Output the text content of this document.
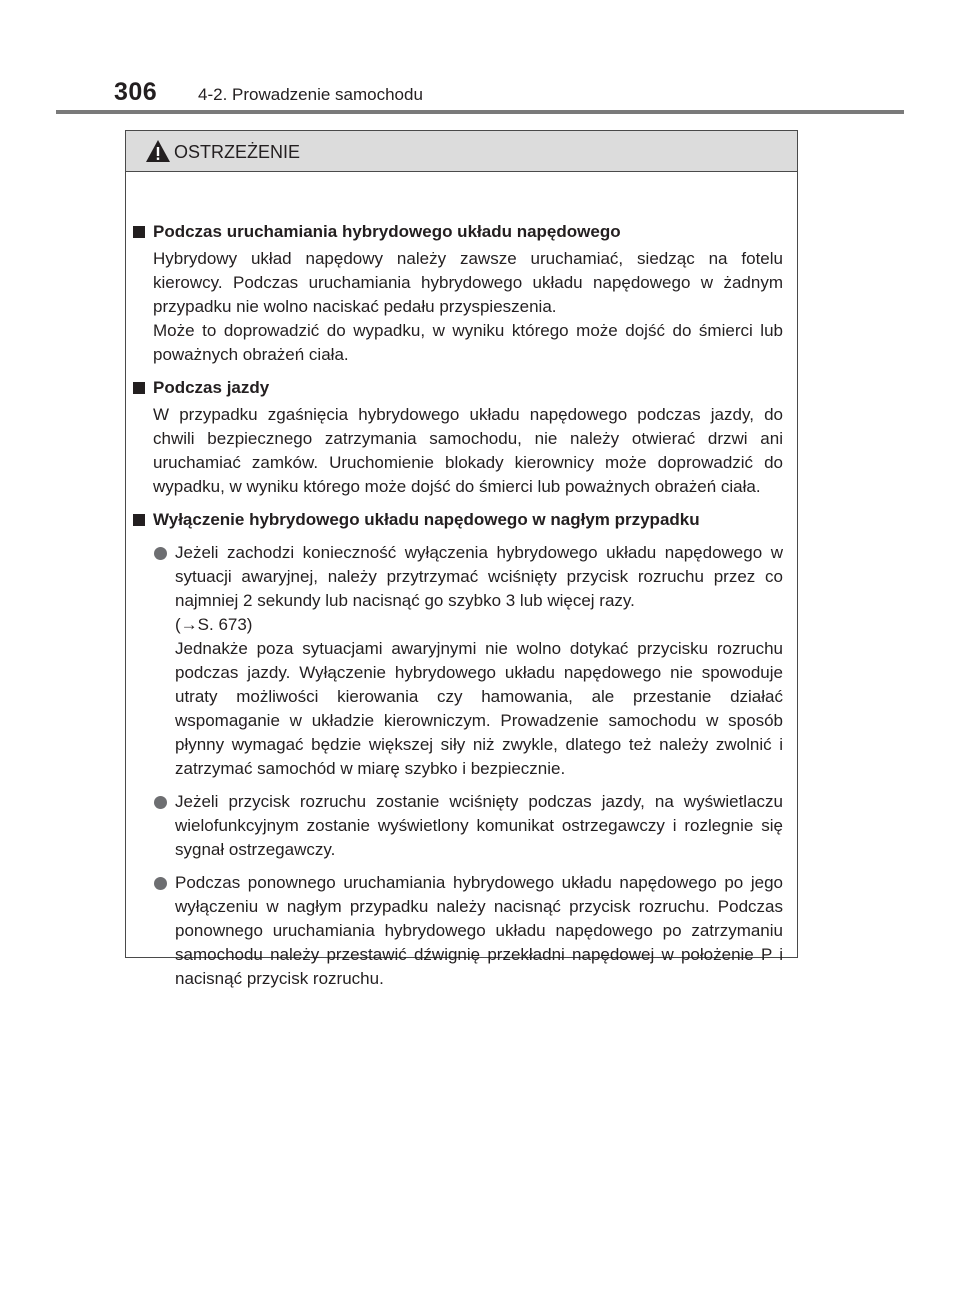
306 4-2. Prowadzenie samochodu
OSTRZEŻENIE
Podczas uruchamiania hybrydowego układu napędowego
Hybrydowy układ napędowy należy zawsze uruchamiać, siedząc na fotelu kierowcy. Podczas uruchamiania hybrydowego układu napędowego w żadnym przypadku nie wolno naciskać pedału przyspieszenia.
Może to doprowadzić do wypadku, w wyniku którego może dojść do śmierci lub poważnych obrażeń ciała.
Podczas jazdy
W przypadku zgaśnięcia hybrydowego układu napędowego podczas jazdy, do chwili bezpiecznego zatrzymania samochodu, nie należy otwierać drzwi ani uruchamiać zamków. Uruchomienie blokady kierownicy może doprowadzić do wypadku, w wyniku którego może dojść do śmierci lub poważnych obrażeń ciała.
Wyłączenie hybrydowego układu napędowego w nagłym przypadku
Jeżeli zachodzi konieczność wyłączenia hybrydowego układu napędowego w sytuacji awaryjnej, należy przytrzymać wciśnięty przycisk rozruchu przez co najmniej 2 sekundy lub nacisnąć go szybko 3 lub więcej razy.
(→S. 673)
Jednakże poza sytuacjami awaryjnymi nie wolno dotykać przycisku rozruchu podczas jazdy. Wyłączenie hybrydowego układu napędowego nie spowoduje utraty możliwości kierowania czy hamowania, ale przestanie działać wspomaganie w układzie kierowniczym. Prowadzenie samochodu w sposób płynny wymagać będzie większej siły niż zwykle, dlatego też należy zwolnić i zatrzymać samochód w miarę szybko i bezpiecznie.
Jeżeli przycisk rozruchu zostanie wciśnięty podczas jazdy, na wyświetlaczu wielofunkcyjnym zostanie wyświetlony komunikat ostrzegawczy i rozlegnie się sygnał ostrzegawczy.
Podczas ponownego uruchamiania hybrydowego układu napędowego po jego wyłączeniu w nagłym przypadku należy nacisnąć przycisk rozruchu. Podczas ponownego uruchamiania hybrydowego układu napędowego po zatrzymaniu samochodu należy przestawić dźwignię przekładni napędowej w położenie P i nacisnąć przycisk rozruchu.
